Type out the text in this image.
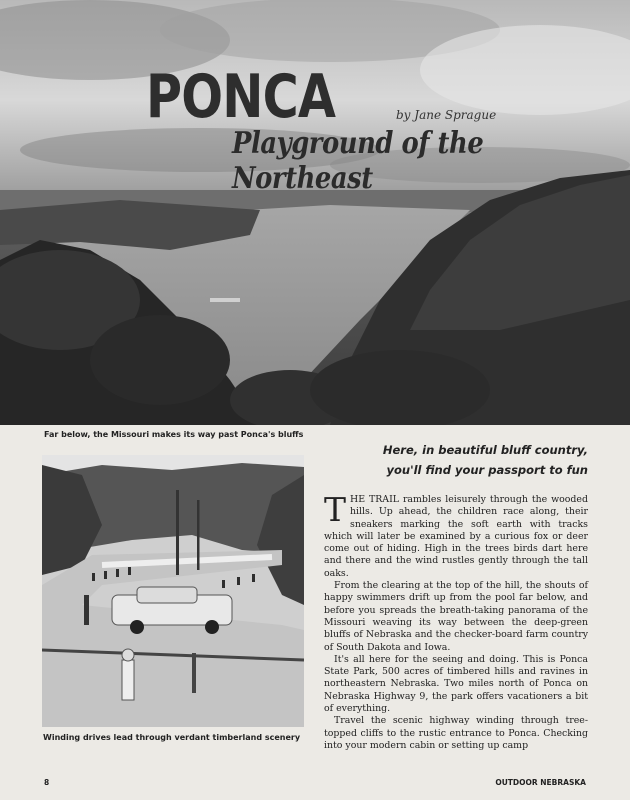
PONCA	by Jane Sprague
Playground of the Northeast
Far below, the Missouri makes its way past Ponca's bluffs
Winding drives lead through verdant timberland scenery
Here, in beautiful bluff country,
you'll find your passport to fun

THE TRAIL rambles leisurely through the wooded hills. Up ahead, the children race along, their sneakers marking the soft earth with tracks which will later be examined by a curious fox or deer come out of hiding. High in the trees birds dart here and there and the wind rustles gently through the tall oaks.

From the clearing at the top of the hill, the shouts of happy swimmers drift up from the pool far below, and before you spreads the breath-taking panorama of the Missouri weaving its way between the deep-green bluffs of Nebraska and the checker-board farm country of South Dakota and Iowa.

It's all here for the seeing and doing. This is Ponca State Park, 500 acres of timbered hills and ravines in northeastern Nebraska. Two miles north of Ponca on Nebraska Highway 9, the park offers vacationers a bit of everything.

Travel the scenic highway winding through tree-topped cliffs to the rustic entrance to Ponca. Checking into your modern cabin or setting up camp

8	OUTDOOR NEBRASKA
